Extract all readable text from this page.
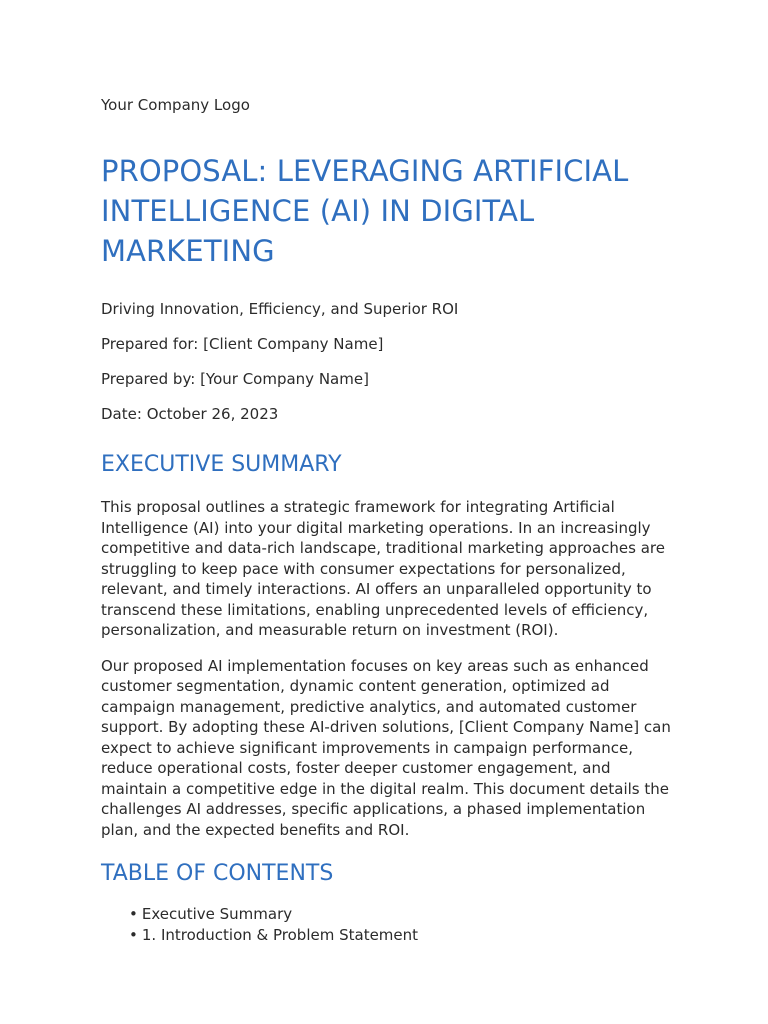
Your Company Logo

PROPOSAL: LEVERAGING ARTIFICIAL INTELLIGENCE (AI) IN DIGITAL MARKETING

Driving Innovation, Efficiency, and Superior ROI

Prepared for: [Client Company Name]

Prepared by: [Your Company Name]

Date: October 26, 2023

EXECUTIVE SUMMARY

This proposal outlines a strategic framework for integrating Artificial Intelligence (AI) into your digital marketing operations. In an increasingly competitive and data-rich landscape, traditional marketing approaches are struggling to keep pace with consumer expectations for personalized, relevant, and timely interactions. AI offers an unparalleled opportunity to transcend these limitations, enabling unprecedented levels of efficiency, personalization, and measurable return on investment (ROI).

Our proposed AI implementation focuses on key areas such as enhanced customer segmentation, dynamic content generation, optimized ad campaign management, predictive analytics, and automated customer support. By adopting these AI-driven solutions, [Client Company Name] can expect to achieve significant improvements in campaign performance, reduce operational costs, foster deeper customer engagement, and maintain a competitive edge in the digital realm. This document details the challenges AI addresses, specific applications, a phased implementation plan, and the expected benefits and ROI.

TABLE OF CONTENTS
• Executive Summary
• 1. Introduction & Problem Statement
